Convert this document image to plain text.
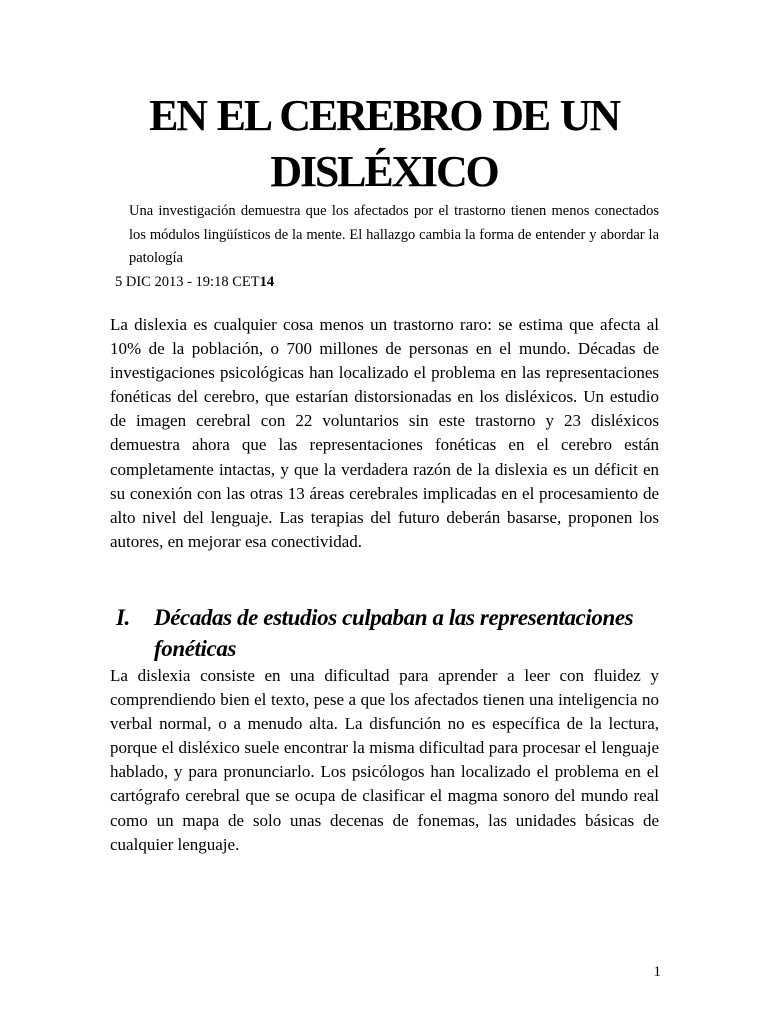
EN EL CEREBRO DE UN
DISLÉXICO

Una investigación demuestra que los afectados por el trastorno tienen menos conectados los módulos lingüísticos de la mente. El hallazgo cambia la forma de entender y abordar la patología

5 DIC 2013 - 19:18 CET14

La dislexia es cualquier cosa menos un trastorno raro: se estima que afecta al 10% de la población, o 700 millones de personas en el mundo. Décadas de investigaciones psicológicas han localizado el problema en las representaciones fonéticas del cerebro, que estarían distorsionadas en los disléxicos. Un estudio de imagen cerebral con 22 voluntarios sin este trastorno y 23 disléxicos demuestra ahora que las representaciones fonéticas en el cerebro están completamente intactas, y que la verdadera razón de la dislexia es un déficit en su conexión con las otras 13 áreas cerebrales implicadas en el procesamiento de alto nivel del lenguaje. Las terapias del futuro deberán basarse, proponen los autores, en mejorar esa conectividad.

I. Décadas de estudios culpaban a las representaciones
fonéticas

La dislexia consiste en una dificultad para aprender a leer con fluidez y comprendiendo bien el texto, pese a que los afectados tienen una inteligencia no verbal normal, o a menudo alta. La disfunción no es específica de la lectura, porque el disléxico suele encontrar la misma dificultad para procesar el lenguaje hablado, y para pronunciarlo. Los psicólogos han localizado el problema en el cartógrafo cerebral que se ocupa de clasificar el magma sonoro del mundo real como un mapa de solo unas decenas de fonemas, las unidades básicas de cualquier lenguaje.

1
